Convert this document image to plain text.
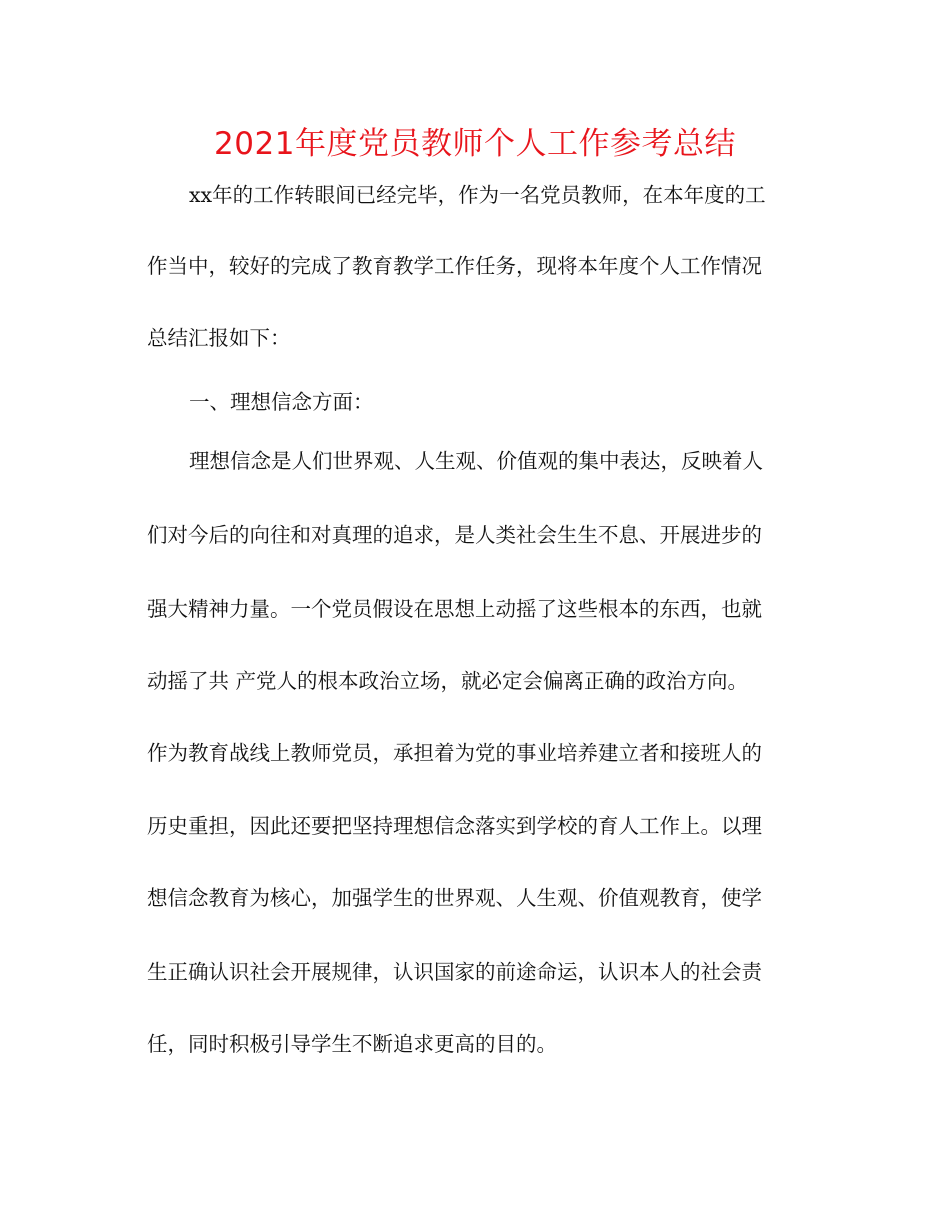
2021年度党员教师个人工作参考总结

xx年的工作转眼间已经完毕，作为一名党员教师，在本年度的工

作当中，较好的完成了教育教学工作任务，现将本年度个人工作情况

总结汇报如下：

一、理想信念方面：

理想信念是人们世界观、人生观、价值观的集中表达，反映着人

们对今后的向往和对真理的追求，是人类社会生生不息、开展进步的

强大精神力量。一个党员假设在思想上动摇了这些根本的东西，也就

动摇了共 产党人的根本政治立场，就必定会偏离正确的政治方向。

作为教育战线上教师党员，承担着为党的事业培养建立者和接班人的

历史重担，因此还要把坚持理想信念落实到学校的育人工作上。以理

想信念教育为核心，加强学生的世界观、人生观、价值观教育，使学

生正确认识社会开展规律，认识国家的前途命运，认识本人的社会责

任，同时积极引导学生不断追求更高的目的。
